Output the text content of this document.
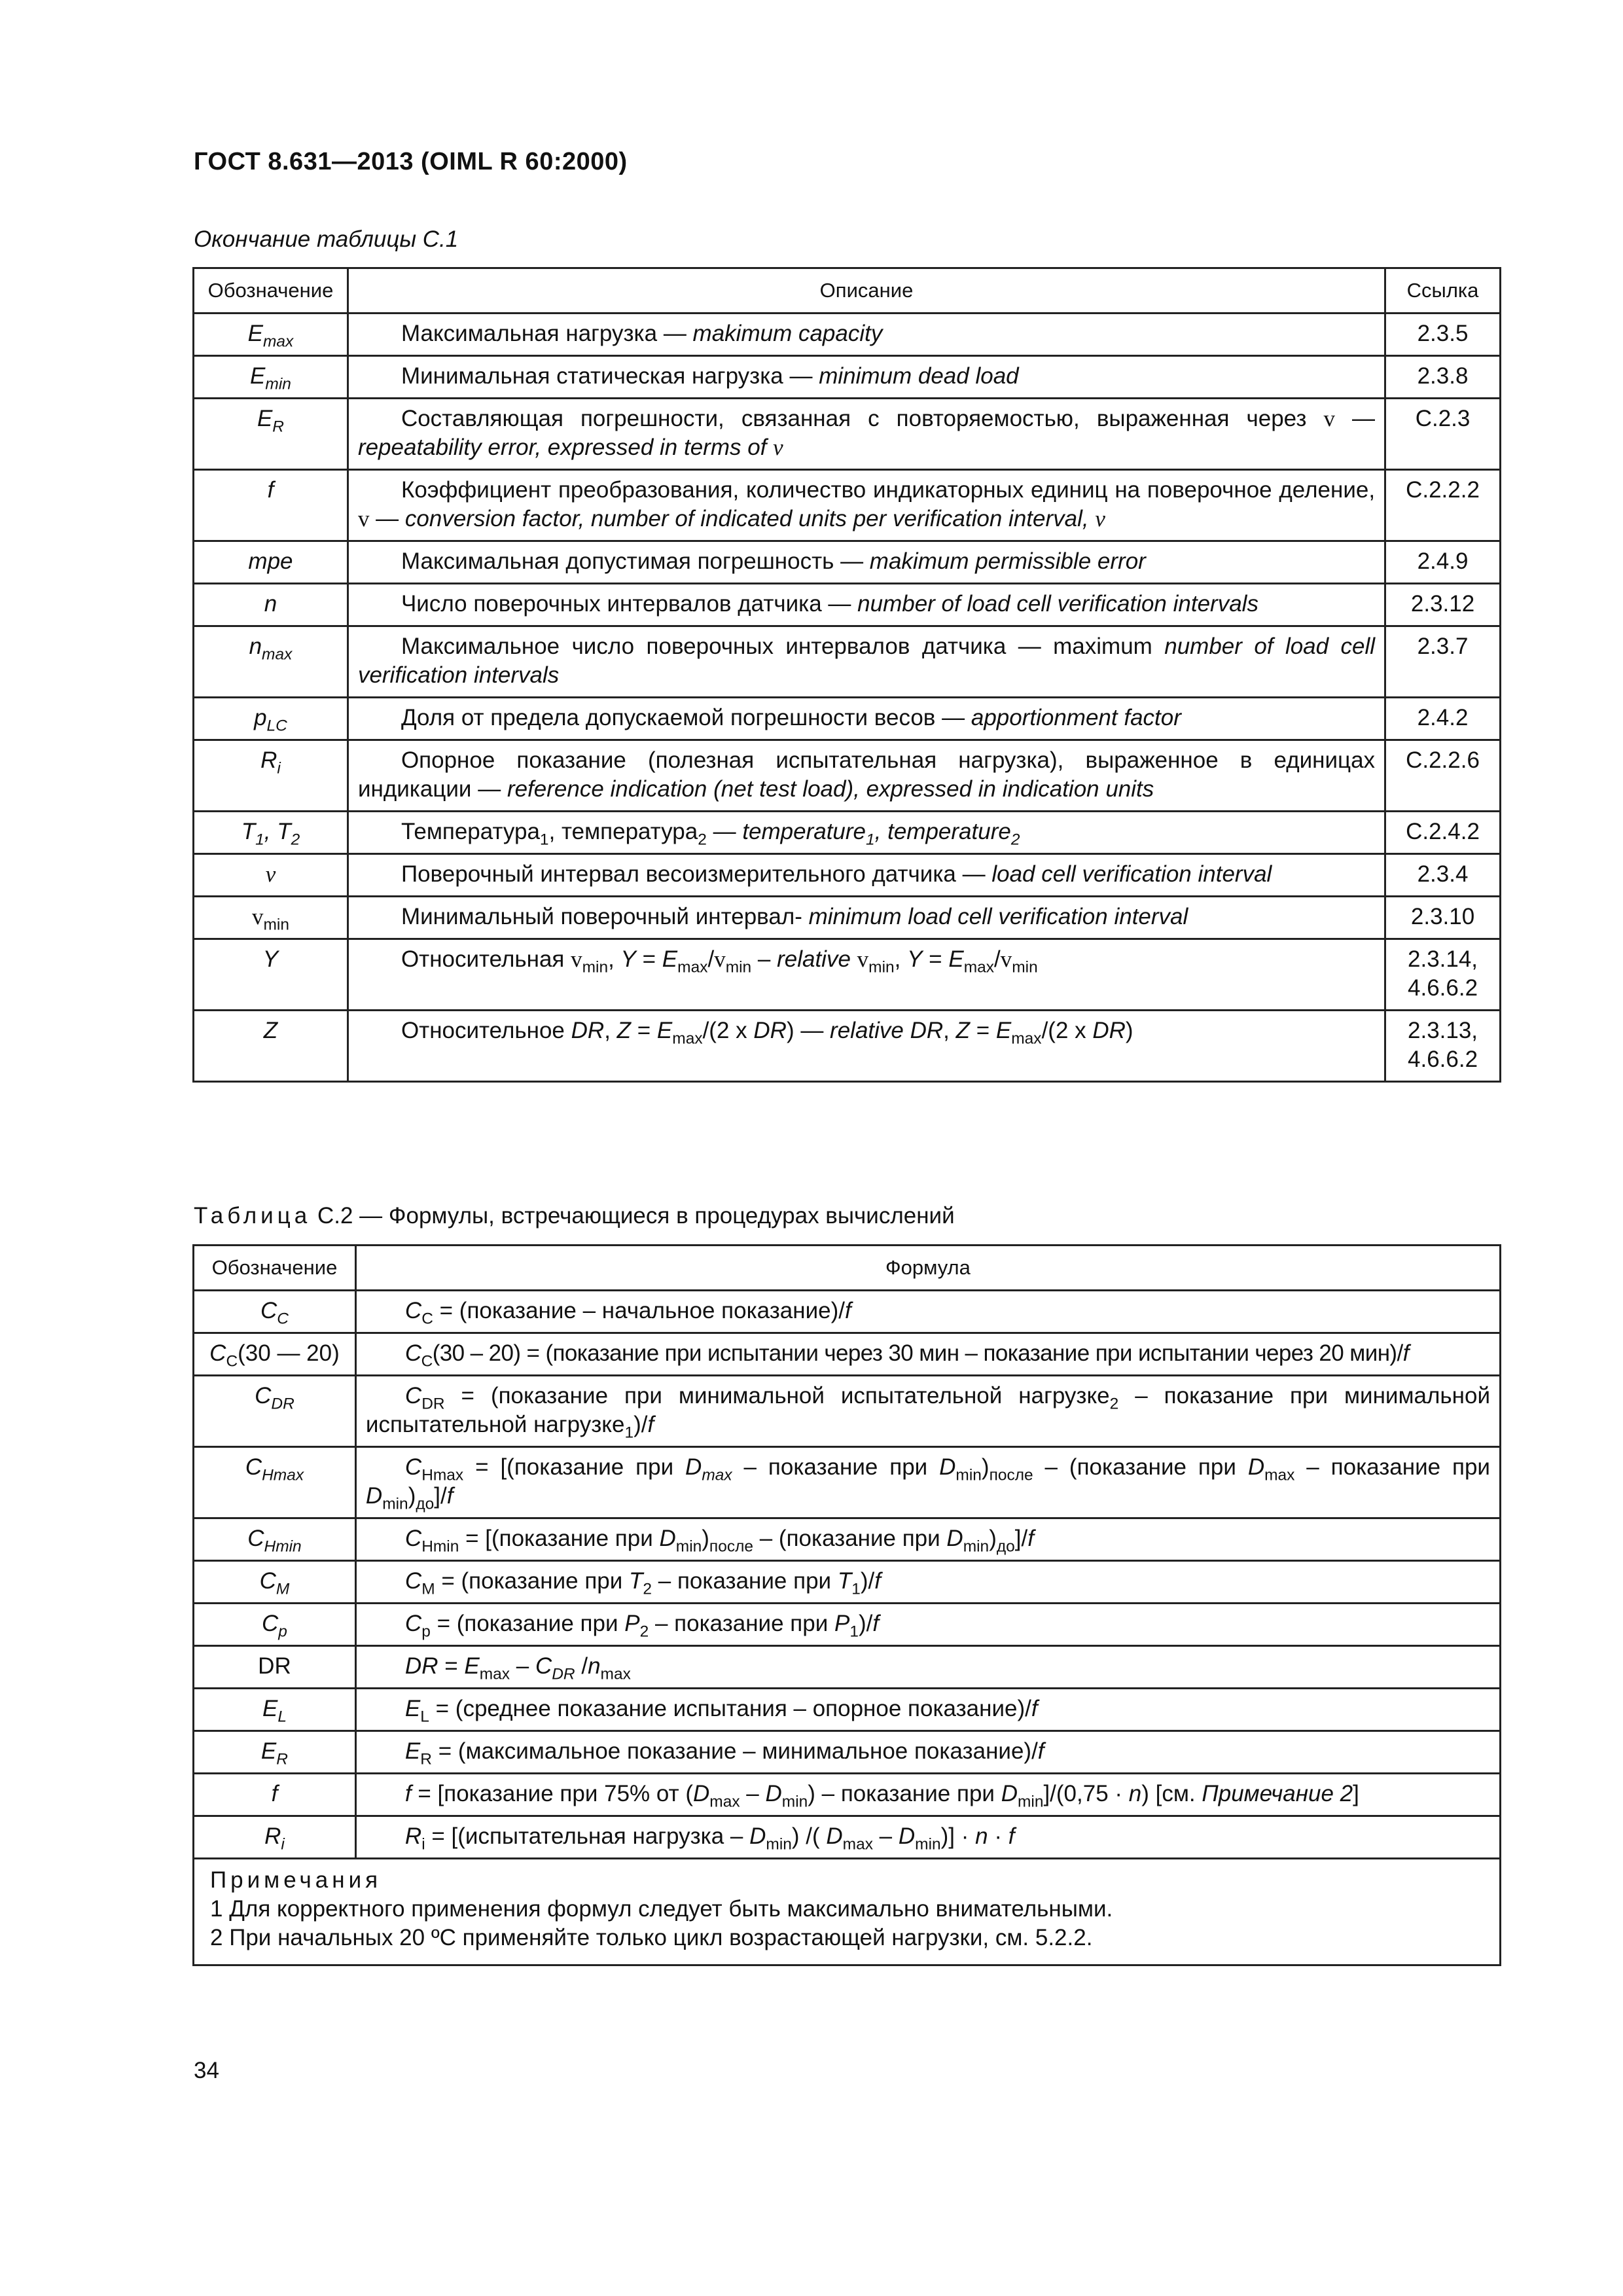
ГОСТ 8.631—2013 (OIML R 60:2000)
Окончание таблицы С.1
Обозначение	Описание	Ссылка
$E_{max}$	Максимальная нагрузка — makimum capacity	2.3.5
$E_{min}$	Минимальная статическая нагрузка — minimum dead load	2.3.8
$E_R$	Составляющая погрешности, связанная с повторяемостью, выраженная через v — repeatability error, expressed in terms of v	C.2.3
f	Коэффициент преобразования, количество индикаторных единиц на поверочное деление, v — conversion factor, number of indicated units per verification interval, v	C.2.2.2
mpe	Максимальная допустимая погрешность — makimum permissible error	2.4.9
n	Число поверочных интервалов датчика — number of load cell verification intervals	2.3.12
$n_{max}$	Максимальное число поверочных интервалов датчика — maximum number of load cell verification intervals	2.3.7
$p_{LC}$	Доля от предела допускаемой погрешности весов — apportionment factor	2.4.2
$R_i$	Опорное показание (полезная испытательная нагрузка), выраженное в единицах индикации — reference indication (net test load), expressed in indication units	C.2.2.6
$T_1$, $T_2$	Температура$_1$, температура$_2$ — temperature$_1$, temperature$_2$	C.2.4.2
v	Поверочный интервал весоизмерительного датчика — load cell verification interval	2.3.4
$v_{min}$	Минимальный поверочный интервал- minimum load cell verification interval	2.3.10
Y	Относительная $v_{min}$, $Y = E_{max}/v_{min}$ – relative $v_{min}$, $Y = E_{max}/v_{min}$	2.3.14, 4.6.6.2
Z	Относительное DR, $Z = E_{max}/(2$ x DR) — relative DR, $Z = E_{max}/(2$ x DR)	2.3.13, 4.6.6.2
Таблица С.2 — Формулы, встречающиеся в процедурах вычислений
Обозначение	Формула
$C_C$	$C_C$ = (показание – начальное показание)/f
$C_C(30$ — 20)	$C_C(30 - 20)$ = (показание при испытании через 30 мин – показание при испытании через 20 мин)/f
$C_{DR}$	$C_{DR}$ = (показание при минимальной испытательной нагрузке$_2$ – показание при минимальной испытательной нагрузке$_1$)/f
$C_{Hmax}$	$C_{Hmax}$ = [(показание при $D_{max}$ – показание при $D_{min})_{после}$ – (показание при $D_{max}$ – показание при $D_{min})_{до}]/f$
$C_{Hmin}$	$C_{Hmin}$ = [(показание при $D_{min})_{после}$ – (показание при $D_{min})_{до}]/f$
$C_M$	$C_M$ = (показание при $T_2$ – показание при $T_1)/f$
$C_p$	$C_p$ = (показание при $P_2$ – показание при $P_1)/f$
DR	DR = $E_{max} - C_{DR}$ $/n_{max}$
$E_L$	$E_L$ = (среднее показание испытания – опорное показание)/f
$E_R$	$E_R$ = (максимальное показание – минимальное показание)/f
f	f = [показание при 75% от $(D_{max} - D_{min})$ – показание при $D_{min}]/(0,75 \cdot n)$ [см. Примечание 2]
$R_i$	$R_i$ = [(испытательная нагрузка – $D_{min}$) /( $D_{max} - D_{min})] \cdot n \cdot f$

Примечания
1 Для корректного применения формул следует быть максимально внимательными.
2 При начальных 20 ºС применяйте только цикл возрастающей нагрузки, см. 5.2.2.	
34
